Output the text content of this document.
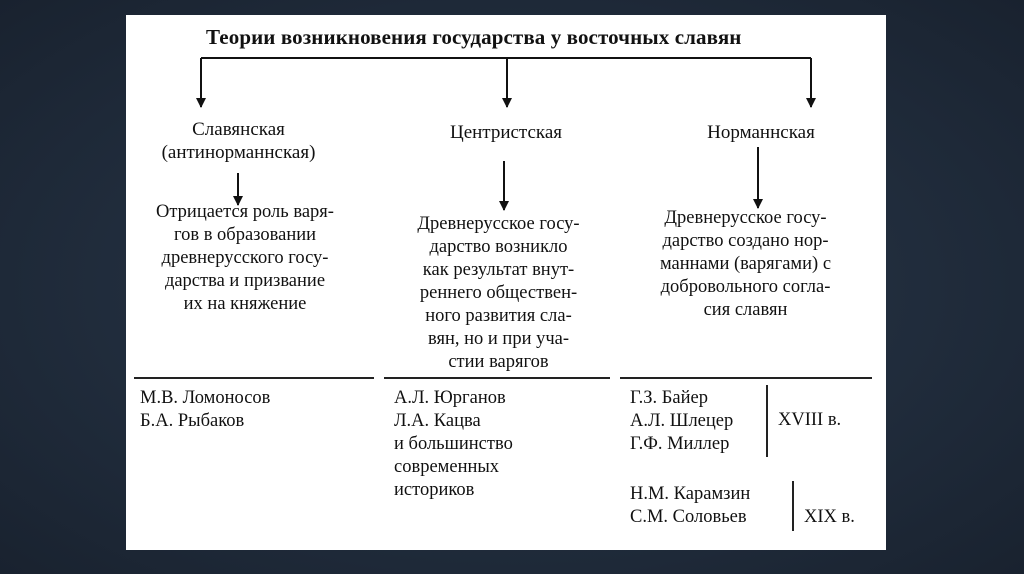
Теории возникновения государства у восточных славян
Славянская
(антинорманнская)
Отрицается роль варя-
гов в образовании
древнерусского госу-
дарства и призвание
их на княжение
М.В. Ломоносов
Б.А. Рыбаков
Центристская
Древнерусское госу-
дарство возникло
как результат внут-
реннего обществен-
ного развития сла-
вян, но и при уча-
стии варягов
А.Л. Юрганов
Л.А. Кацва
и большинство
современных
историков
Норманнская
Древнерусское госу-
дарство создано нор-
маннами (варягами) с
добровольного согла-
сия славян
Г.З. Байер
А.Л. Шлецер
Г.Ф. Миллер
XVIII в.
Н.М. Карамзин
С.М. Соловьев	XIX в.
